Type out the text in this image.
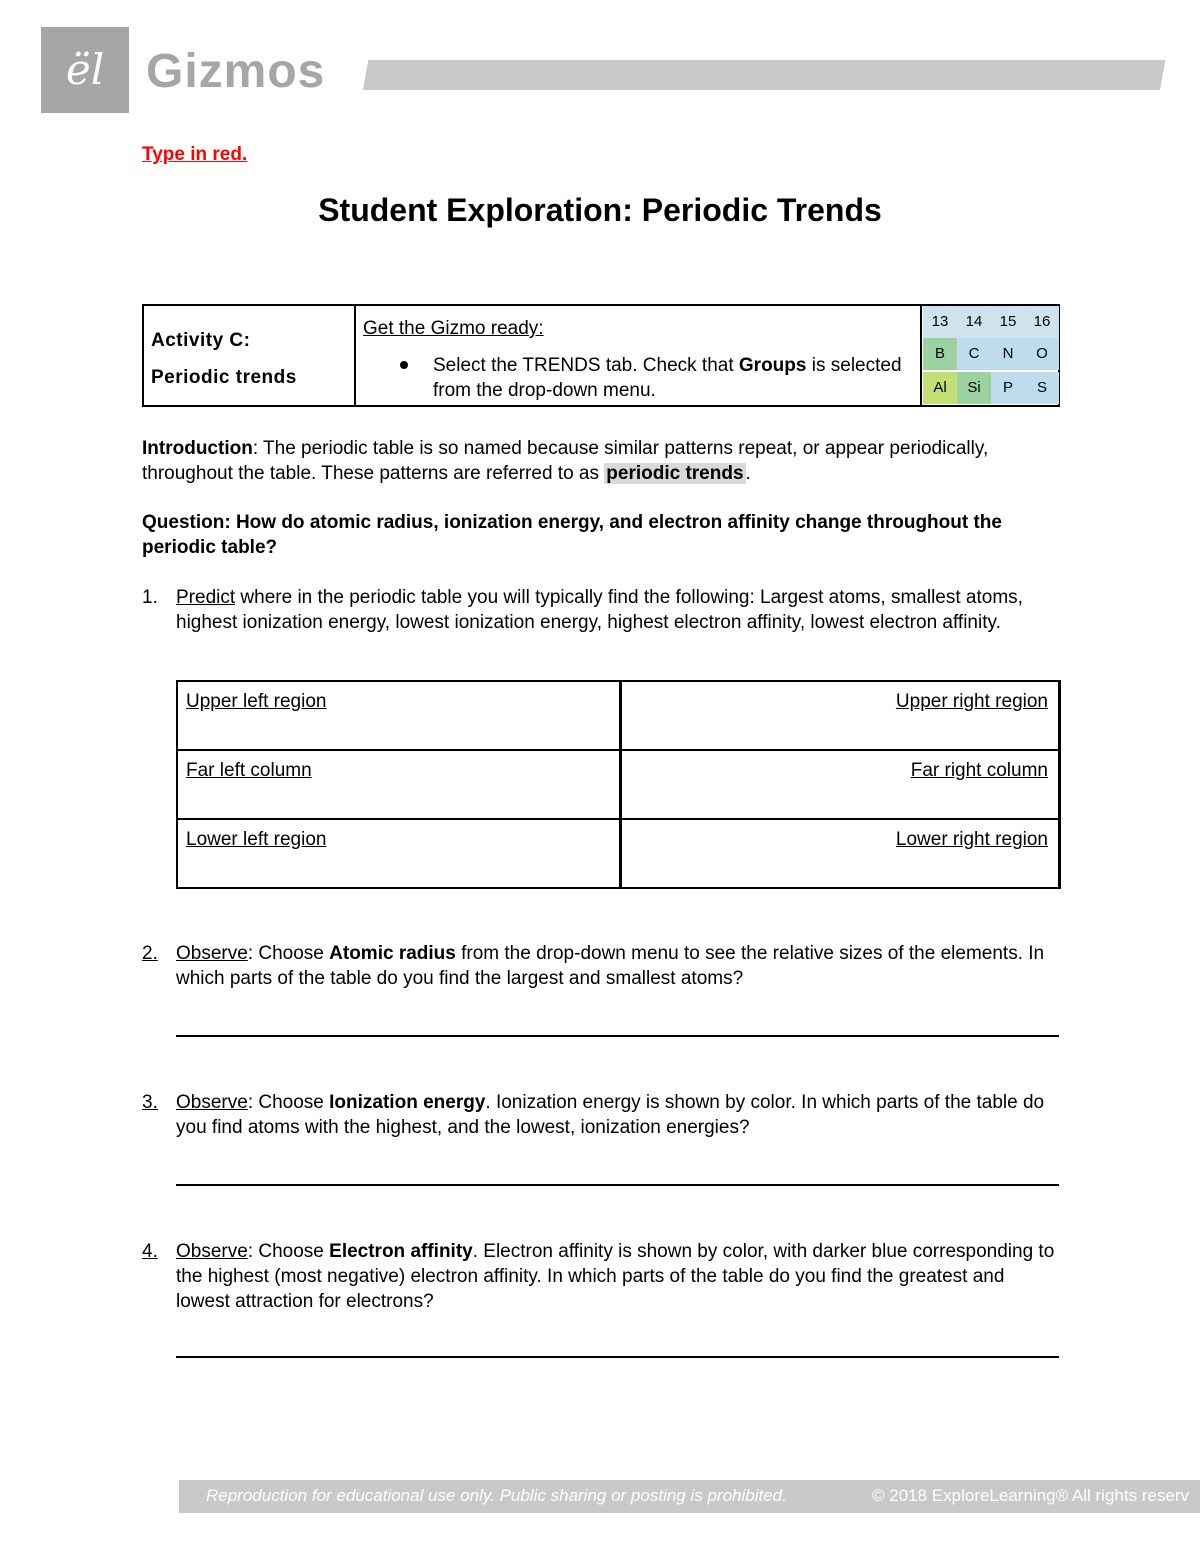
ël Gizmos
Type in red.
Student Exploration: Periodic Trends
Activity C:
Periodic trends
Get the Gizmo ready:
Select the TRENDS tab. Check that Groups is selected from the drop-down menu.
13	14	15	16
B	C	N	O
Al	Si	P	S
Introduction: The periodic table is so named because similar patterns repeat, or appear periodically, throughout the table. These patterns are referred to as periodic trends .
Question: How do atomic radius, ionization energy, and electron affinity change throughout the periodic table?
1. Predict where in the periodic table you will typically find the following: Largest atoms, smallest atoms, highest ionization energy, lowest ionization energy, highest electron affinity, lowest electron affinity.
Upper left region	Upper right region
Far left column	Far right column
Lower left region	Lower right region
2. Observe: Choose Atomic radius from the drop-down menu to see the relative sizes of the elements. In which parts of the table do you find the largest and smallest atoms?
3. Observe: Choose Ionization energy. Ionization energy is shown by color. In which parts of the table do you find atoms with the highest, and the lowest, ionization energies?
4. Observe: Choose Electron affinity. Electron affinity is shown by color, with darker blue corresponding to the highest (most negative) electron affinity. In which parts of the table do you find the greatest and lowest attraction for electrons?
Reproduction for educational use only. Public sharing or posting is prohibited.	© 2018 ExploreLearning® All rights reserv
